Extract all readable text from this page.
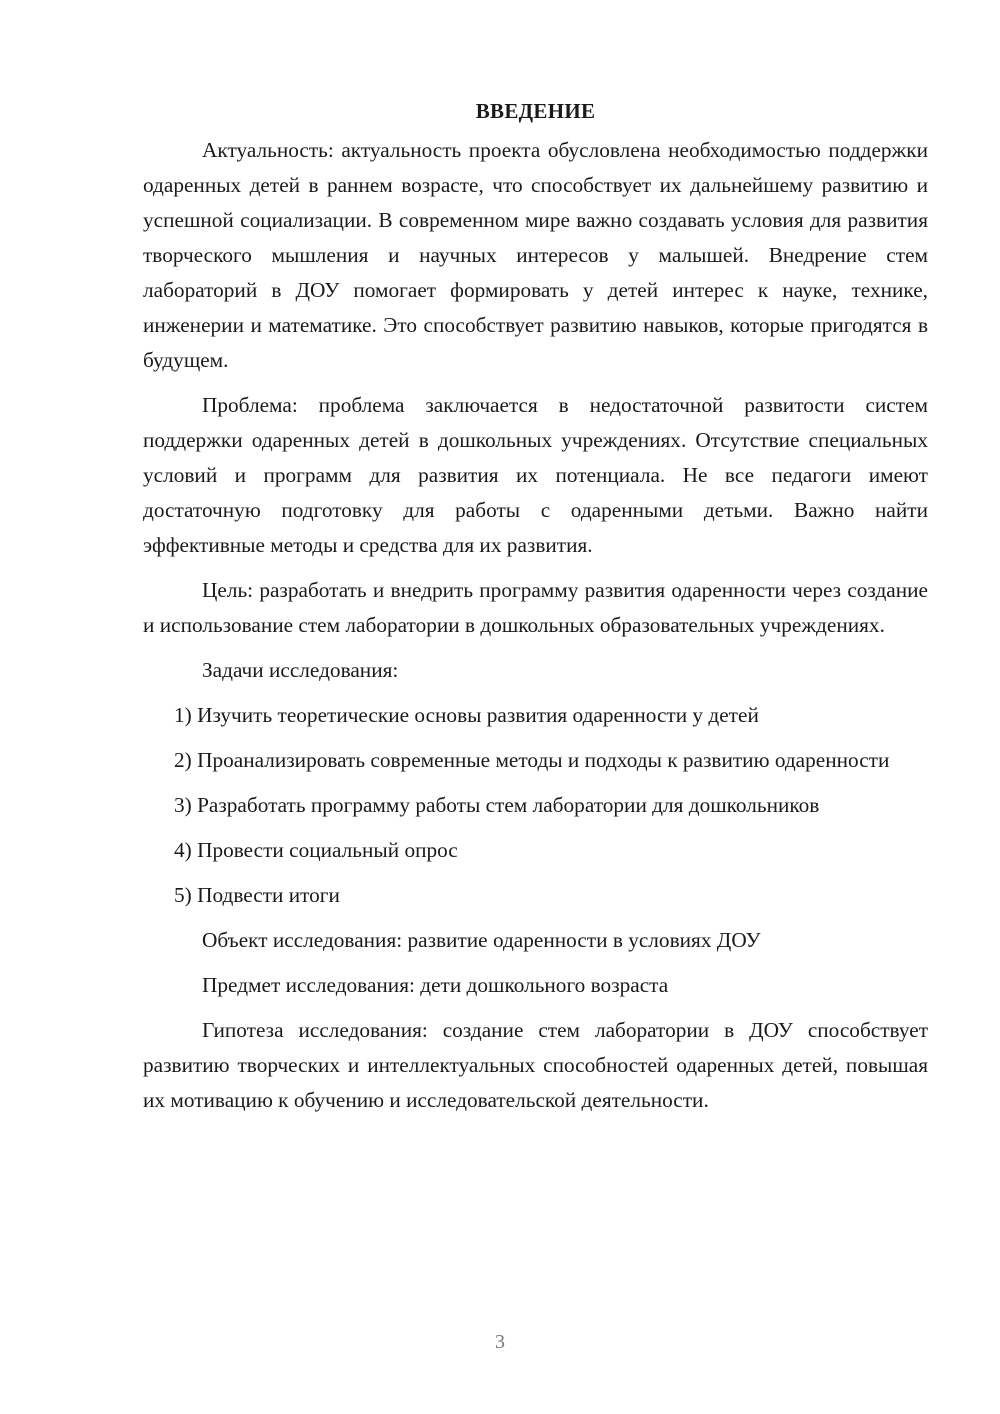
ВВЕДЕНИЕ

Актуальность: актуальность проекта обусловлена необходимостью поддержки одаренных детей в раннем возрасте, что способствует их дальнейшему развитию и успешной социализации. В современном мире важно создавать условия для развития творческого мышления и научных интересов у малышей. Внедрение стем лабораторий в ДОУ помогает формировать у детей интерес к науке, технике, инженерии и математике. Это способствует развитию навыков, которые пригодятся в будущем.

Проблема: проблема заключается в недостаточной развитости систем поддержки одаренных детей в дошкольных учреждениях. Отсутствие специальных условий и программ для развития их потенциала. Не все педагоги имеют достаточную подготовку для работы с одаренными детьми. Важно найти эффективные методы и средства для их развития.

Цель: разработать и внедрить программу развития одаренности через создание и использование стем лаборатории в дошкольных образовательных учреждениях.

Задачи исследования:

1) Изучить теоретические основы развития одаренности у детей

2) Проанализировать современные методы и подходы к развитию одаренности

3) Разработать программу работы стем лаборатории для дошкольников

4) Провести социальный опрос

5) Подвести итоги

Объект исследования: развитие одаренности в условиях ДОУ

Предмет исследования: дети дошкольного возраста

Гипотеза исследования: создание стем лаборатории в ДОУ способствует развитию творческих и интеллектуальных способностей одаренных детей, повышая их мотивацию к обучению и исследовательской деятельности.

3
